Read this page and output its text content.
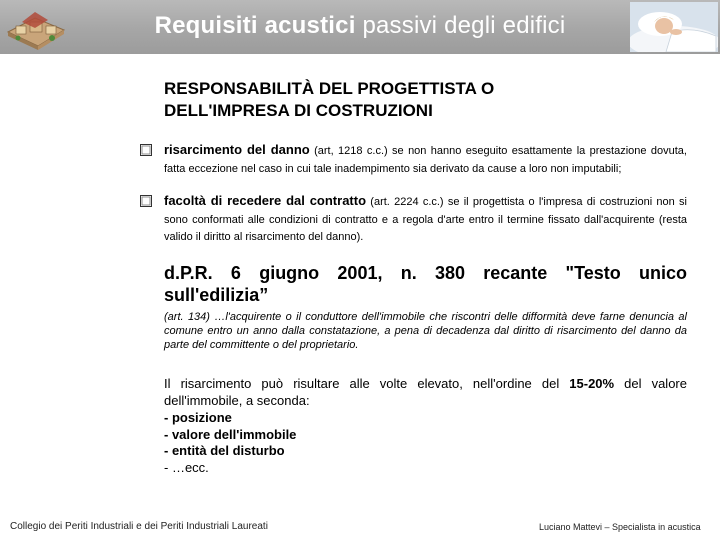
Requisiti acustici passivi degli edifici
RESPONSABILITÀ DEL PROGETTISTA O DELL'IMPRESA DI COSTRUZIONI
risarcimento del danno (art, 1218 c.c.) se non hanno eseguito esattamente la prestazione dovuta, fatta eccezione nel caso in cui tale inadempimento sia derivato da cause a loro non imputabili;
facoltà di recedere dal contratto (art. 2224 c.c.) se il progettista o l'impresa di costruzioni non si sono conformati alle condizioni di contratto e a regola d'arte entro il termine fissato dall'acquirente (resta valido il diritto al risarcimento del danno).
d.P.R. 6 giugno 2001, n. 380 recante "Testo unico sull'edilizia”
(art. 134) …l'acquirente o il conduttore dell'immobile che riscontri delle difformità deve farne denuncia al comune entro un anno dalla constatazione, a pena di decadenza dal diritto di risarcimento del danno da parte del committente o del proprietario.
Il risarcimento può risultare alle volte elevato, nell'ordine del 15-20% del valore dell'immobile, a seconda:
- posizione
- valore dell'immobile
- entità del disturbo
- …ecc.
Collegio dei Periti Industriali e dei Periti Industriali Laureati	Luciano Mattevi – Specialista in acustica
